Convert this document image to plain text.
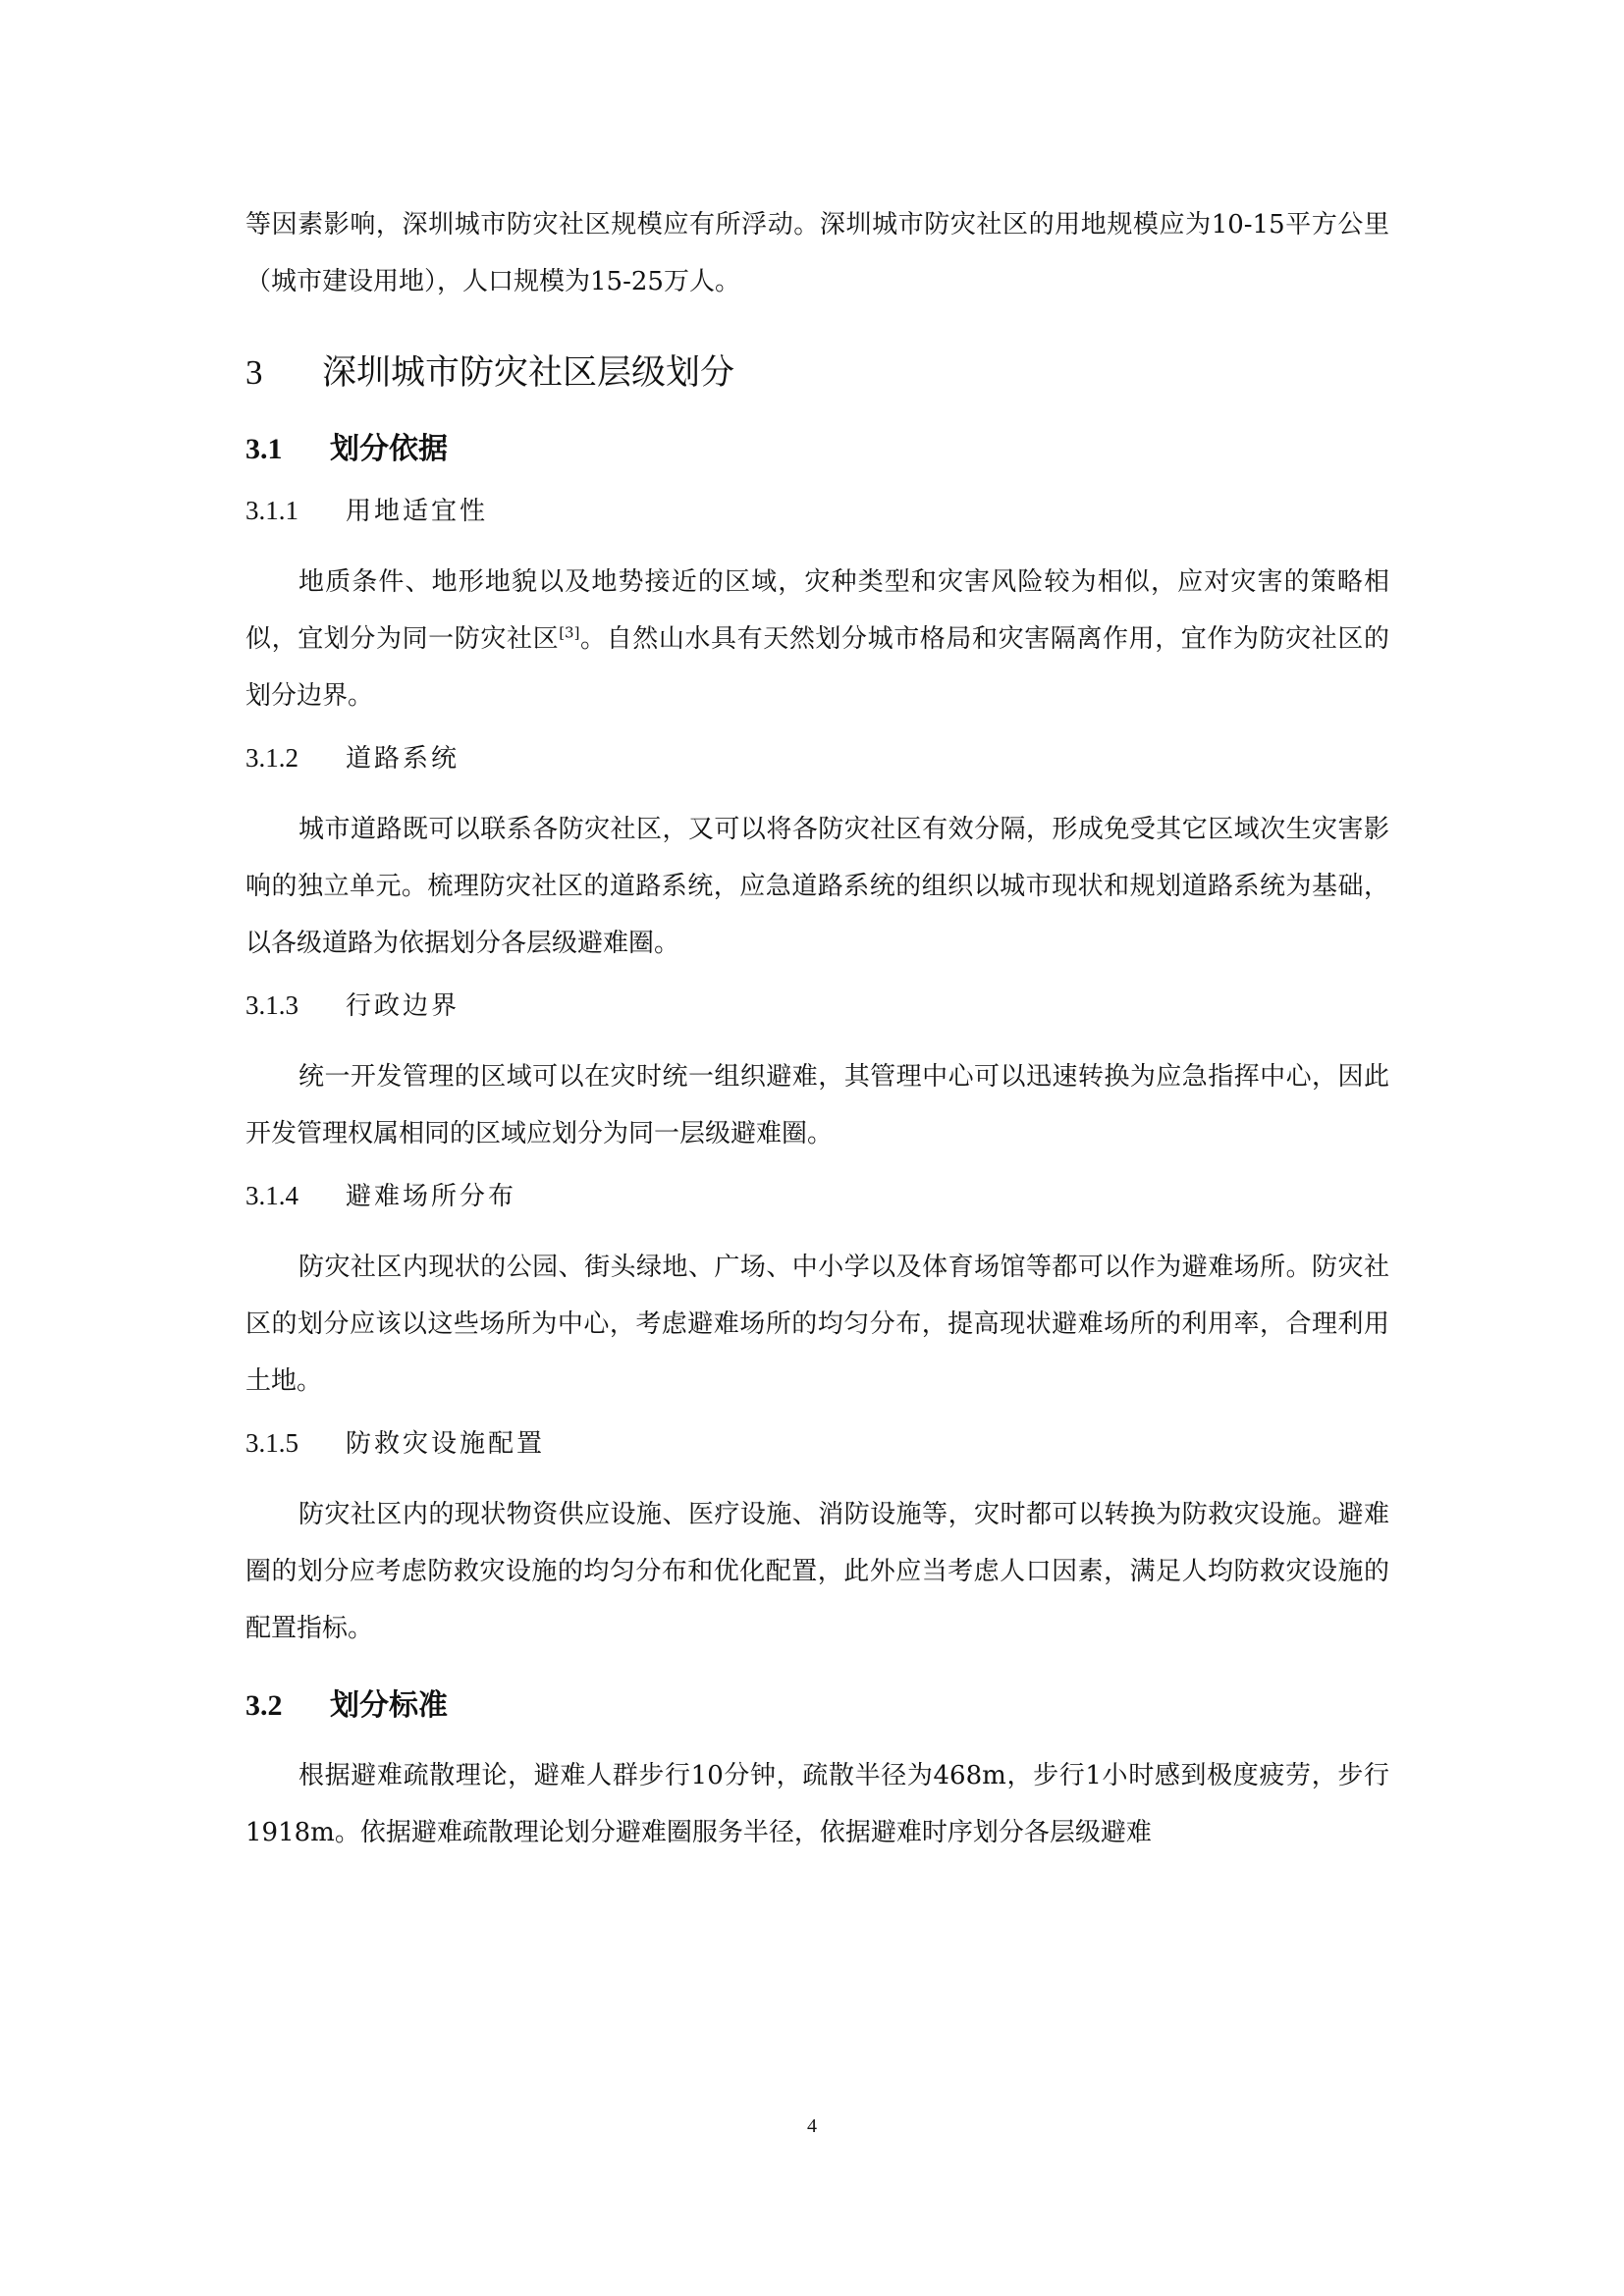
等因素影响，深圳城市防灾社区规模应有所浮动。深圳城市防灾社区的用地规模应为10-15平方公里（城市建设用地），人口规模为15-25万人。

3	深圳城市防灾社区层级划分
3.1	划分依据
3.1.1	用地适宜性

地质条件、地形地貌以及地势接近的区域，灾种类型和灾害风险较为相似，应对灾害的策略相似，宜划分为同一防灾社区[3]。自然山水具有天然划分城市格局和灾害隔离作用，宜作为防灾社区的划分边界。

3.1.2	道路系统

城市道路既可以联系各防灾社区，又可以将各防灾社区有效分隔，形成免受其它区域次生灾害影响的独立单元。梳理防灾社区的道路系统，应急道路系统的组织以城市现状和规划道路系统为基础，以各级道路为依据划分各层级避难圈。

3.1.3	行政边界

统一开发管理的区域可以在灾时统一组织避难，其管理中心可以迅速转换为应急指挥中心，因此开发管理权属相同的区域应划分为同一层级避难圈。

3.1.4	避难场所分布

防灾社区内现状的公园、街头绿地、广场、中小学以及体育场馆等都可以作为避难场所。防灾社区的划分应该以这些场所为中心，考虑避难场所的均匀分布，提高现状避难场所的利用率，合理利用土地。

3.1.5	防救灾设施配置

防灾社区内的现状物资供应设施、医疗设施、消防设施等，灾时都可以转换为防救灾设施。避难圈的划分应考虑防救灾设施的均匀分布和优化配置，此外应当考虑人口因素，满足人均防救灾设施的配置指标。

3.2	划分标准

根据避难疏散理论，避难人群步行10分钟，疏散半径为468m，步行1小时感到极度疲劳，步行1918m。依据避难疏散理论划分避难圈服务半径，依据避难时序划分各层级避难

4
